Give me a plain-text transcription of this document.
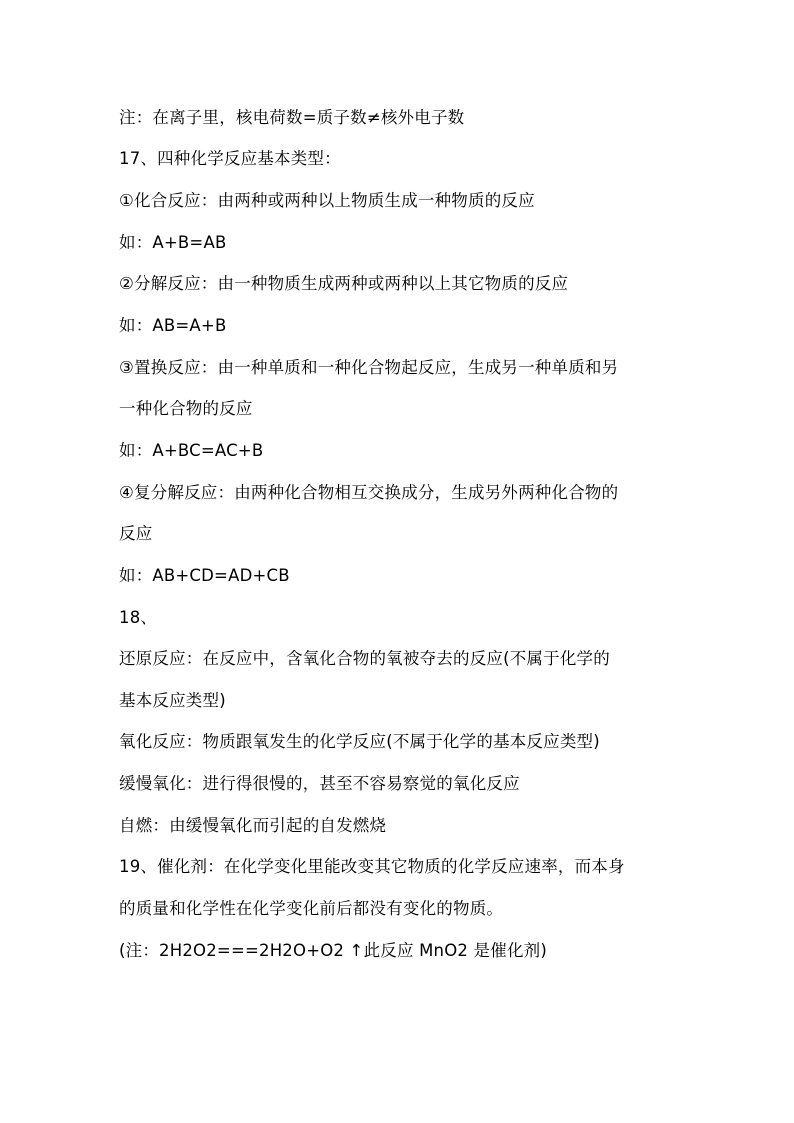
注：在离子里，核电荷数=质子数≠核外电子数
17、四种化学反应基本类型：
①化合反应：由两种或两种以上物质生成一种物质的反应
如：A+B=AB
②分解反应：由一种物质生成两种或两种以上其它物质的反应
如：AB=A+B
③置换反应：由一种单质和一种化合物起反应，生成另一种单质和另
一种化合物的反应
如：A+BC=AC+B
④复分解反应：由两种化合物相互交换成分，生成另外两种化合物的
反应
如：AB+CD=AD+CB
18、
还原反应：在反应中，含氧化合物的氧被夺去的反应(不属于化学的
基本反应类型)
氧化反应：物质跟氧发生的化学反应(不属于化学的基本反应类型)
缓慢氧化：进行得很慢的，甚至不容易察觉的氧化反应
自燃：由缓慢氧化而引起的自发燃烧
19、催化剂：在化学变化里能改变其它物质的化学反应速率，而本身
的质量和化学性在化学变化前后都没有变化的物质。
(注：2H2O2===2H2O+O2 ↑此反应 MnO2 是催化剂)
